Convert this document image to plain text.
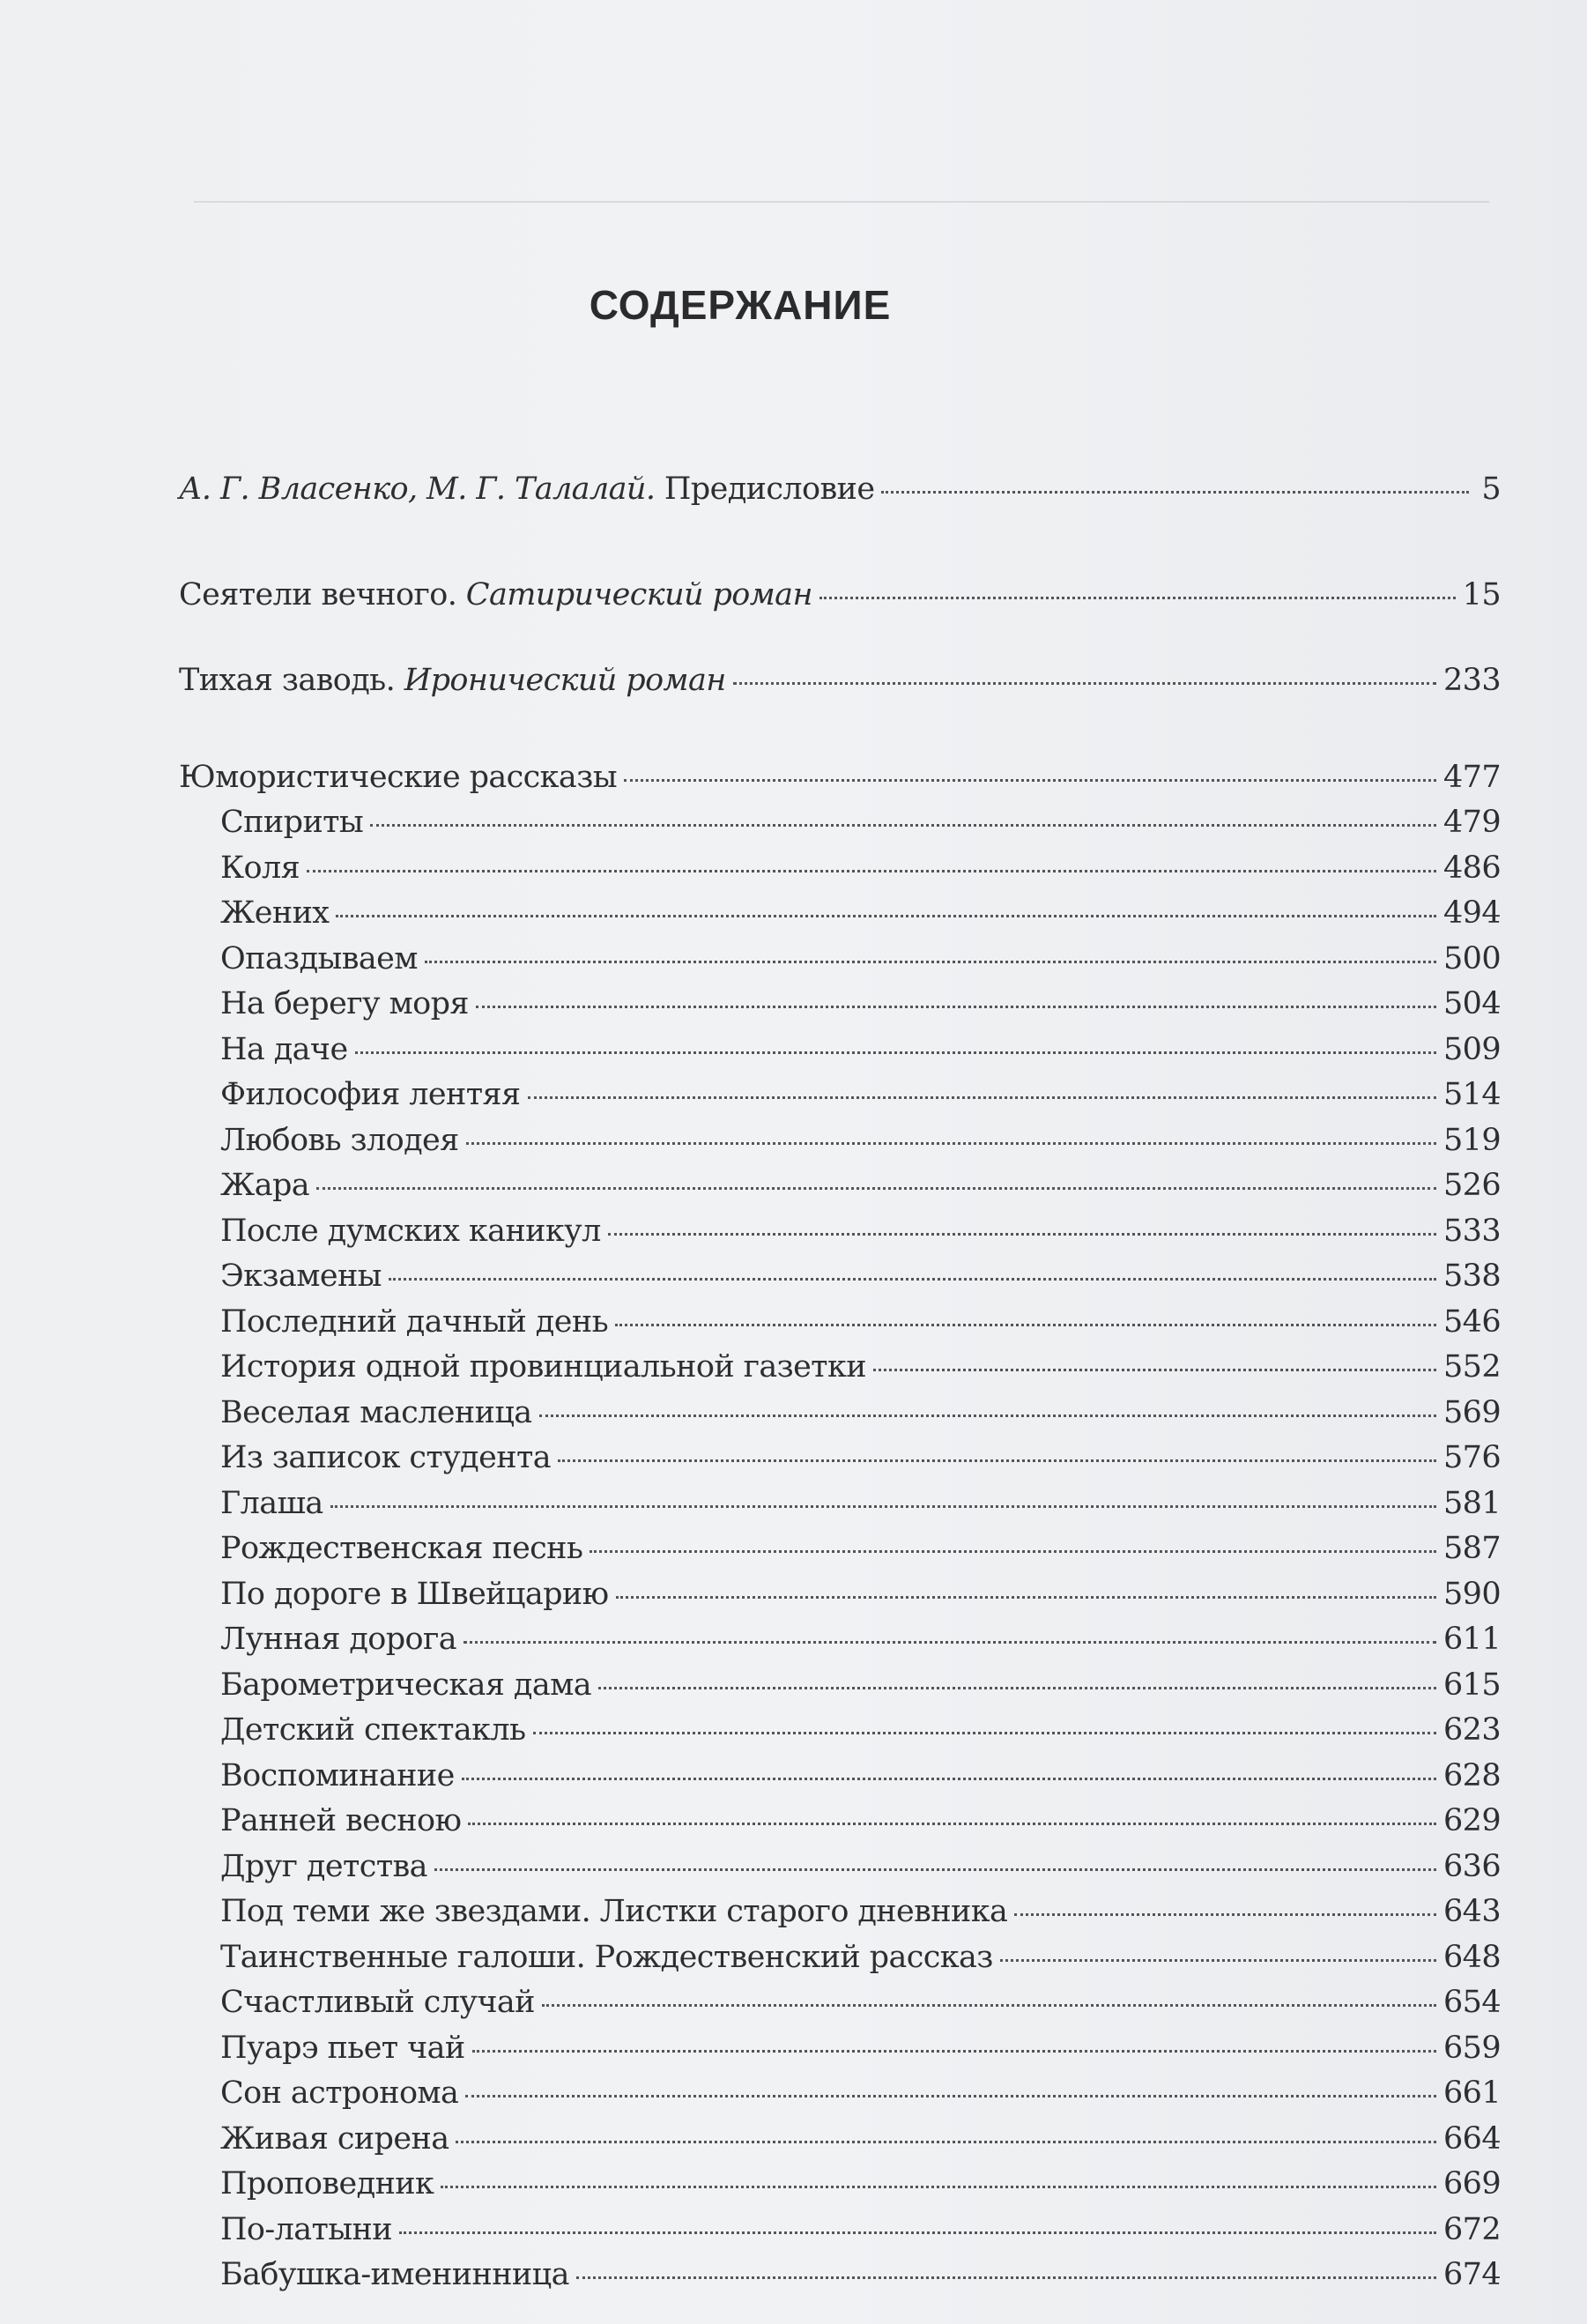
СОДЕРЖАНИЕ
А. Г. Власенко, М. Г. Талалай. Предисловие	5
Сеятели вечного. Сатирический роман	15
Тихая заводь. Иронический роман	233
Юмористические рассказы	477
Спириты	479
Коля	486
Жених	494
Опаздываем	500
На берегу моря	504
На даче	509
Философия лентяя	514
Любовь злодея	519
Жара	526
После думских каникул	533
Экзамены	538
Последний дачный день	546
История одной провинциальной газетки	552
Веселая масленица	569
Из записок студента	576
Глаша	581
Рождественская песнь	587
По дороге в Швейцарию	590
Лунная дорога	611
Барометрическая дама	615
Детский спектакль	623
Воспоминание	628
Ранней весною	629
Друг детства	636
Под теми же звездами. Листки старого дневника	643
Таинственные галоши. Рождественский рассказ	648
Счастливый случай	654
Пуарэ пьет чай	659
Сон астронома	661
Живая сирена	664
Проповедник	669
По-латыни	672
Бабушка-именинница	674
